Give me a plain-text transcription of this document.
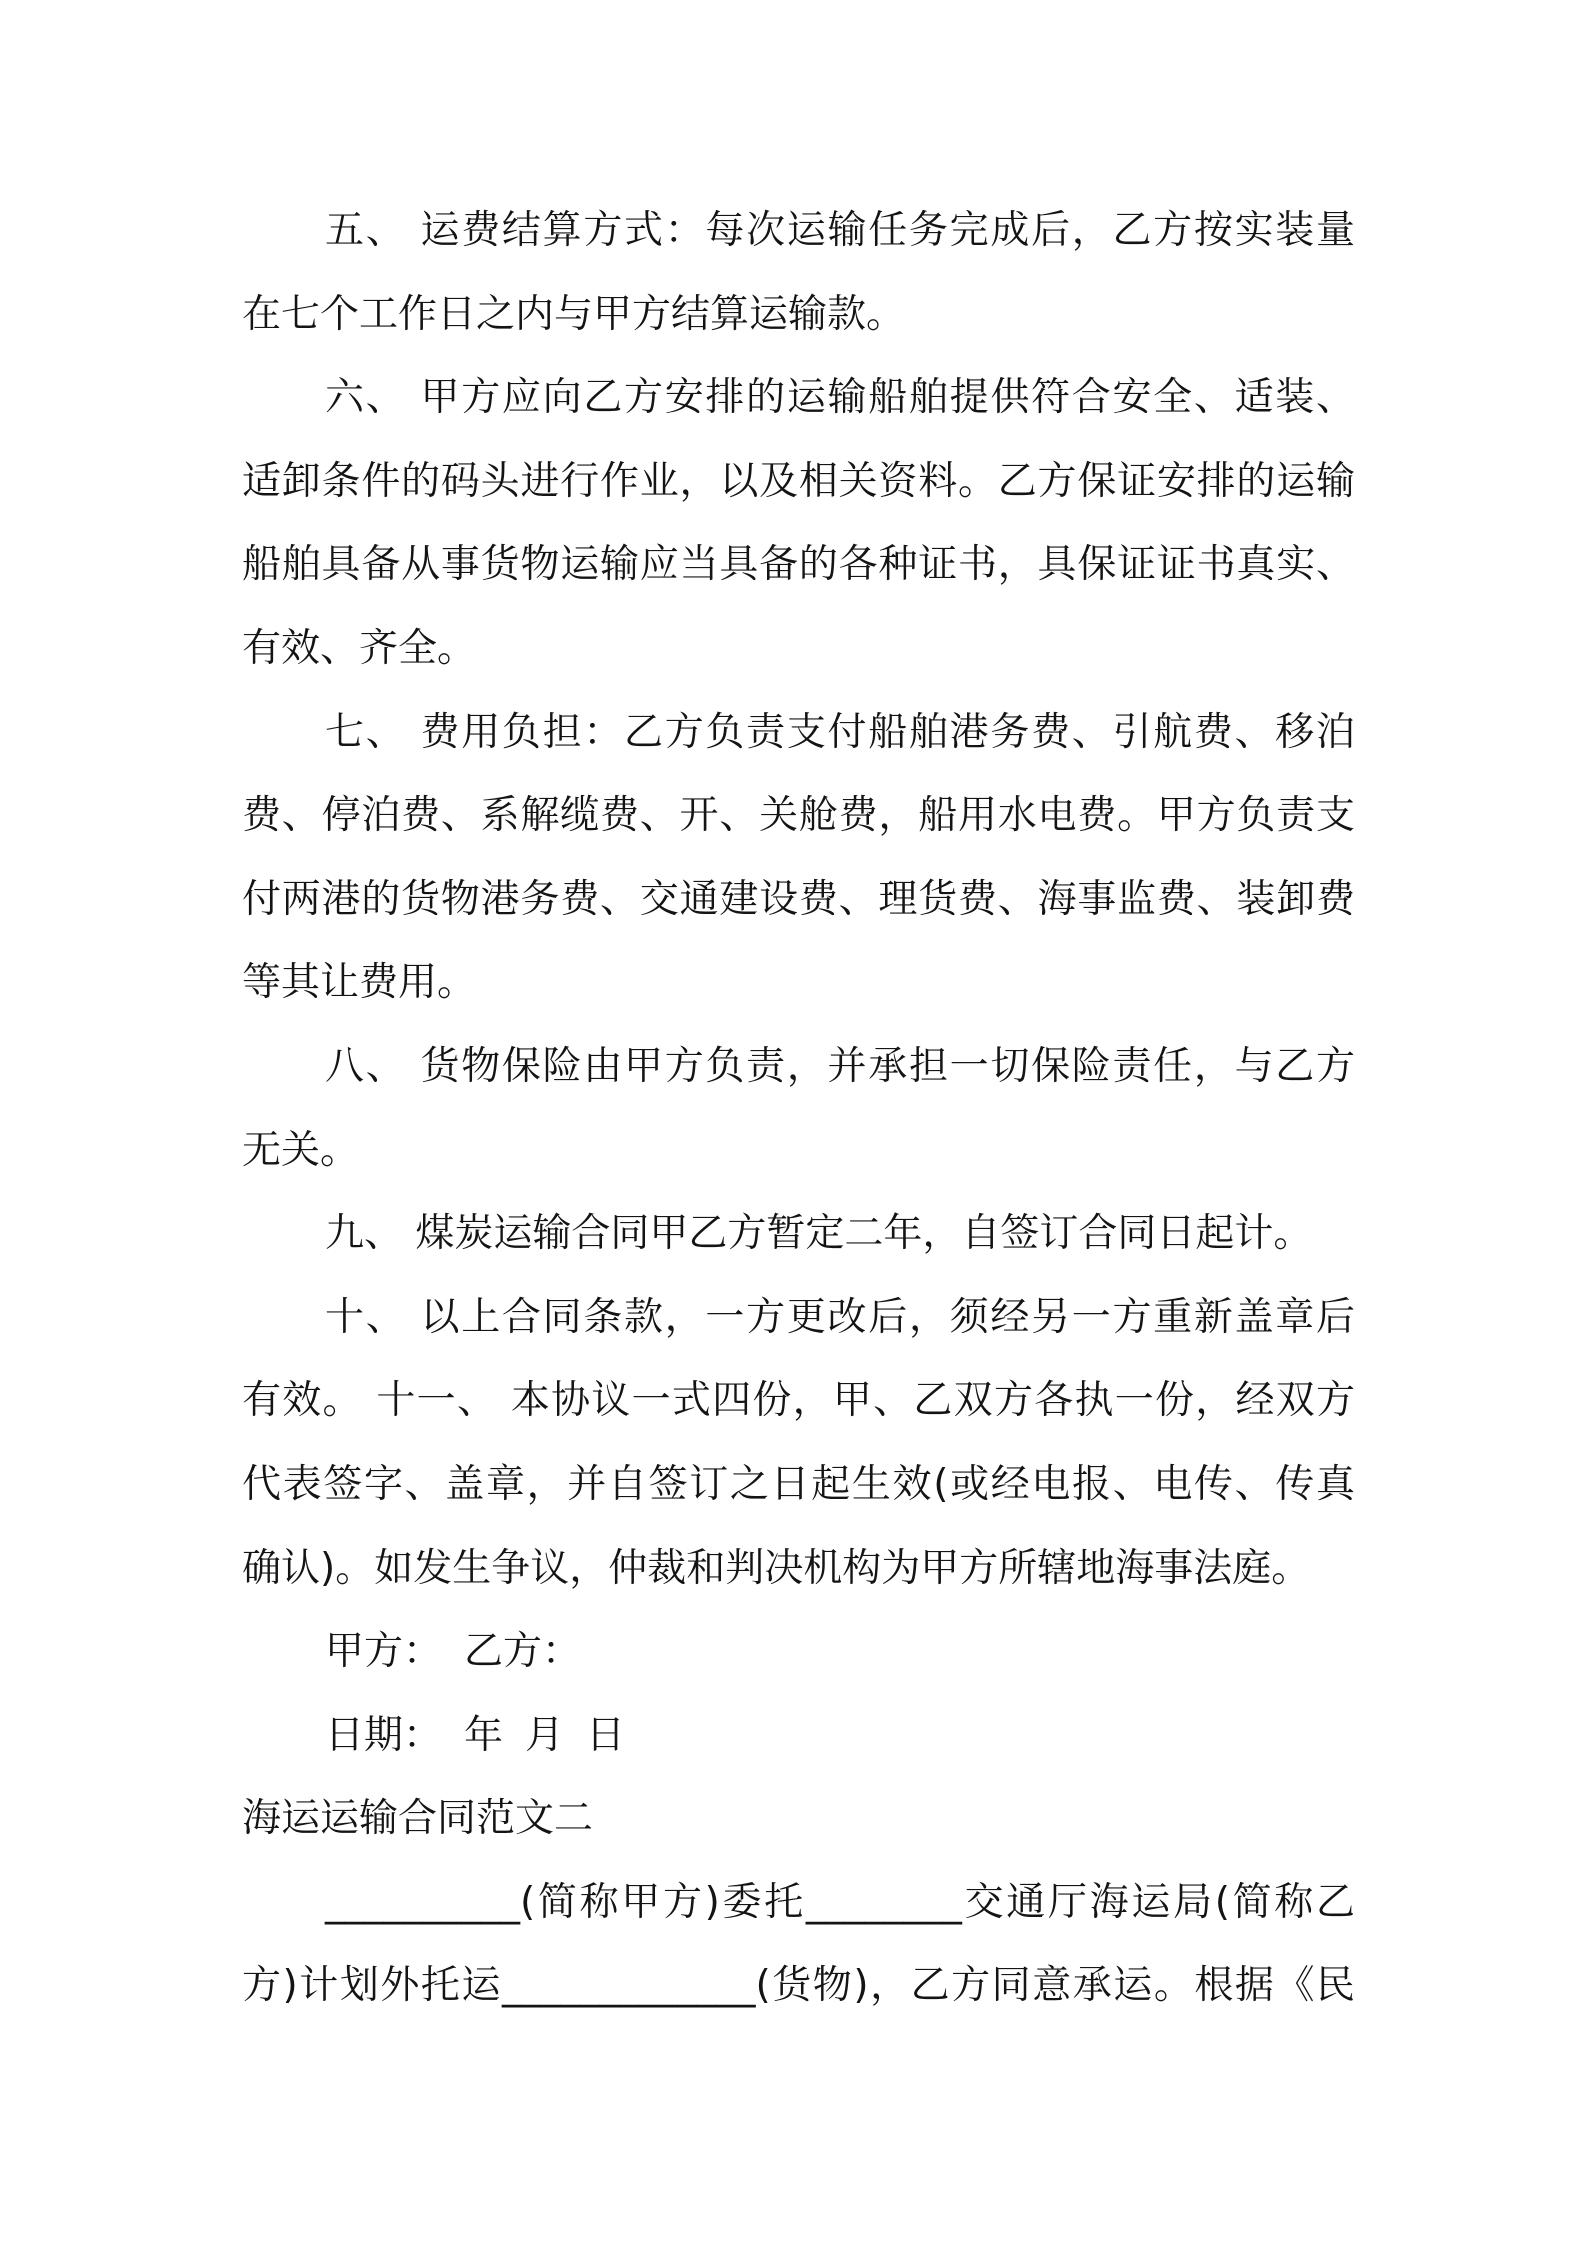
五、 运费结算方式：每次运输任务完成后，乙方按实装量
在七个工作日之内与甲方结算运输款。
六、 甲方应向乙方安排的运输船舶提供符合安全、适装、
适卸条件的码头进行作业，以及相关资料。乙方保证安排的运输
船舶具备从事货物运输应当具备的各种证书，具保证证书真实、
有效、齐全。
七、 费用负担：乙方负责支付船舶港务费、引航费、移泊
费、停泊费、系解缆费、开、关舱费，船用水电费。甲方负责支
付两港的货物港务费、交通建设费、理货费、海事监费、装卸费
等其让费用。
八、 货物保险由甲方负责，并承担一切保险责任，与乙方
无关。
九、 煤炭运输合同甲乙方暂定二年，自签订合同日起计。
十、 以上合同条款，一方更改后，须经另一方重新盖章后
有效。 十一、 本协议一式四份，甲、乙双方各执一份，经双方
代表签字、盖章，并自签订之日起生效(或经电报、电传、传真
确认)。如发生争议，仲裁和判决机构为甲方所辖地海事法庭。
甲方： 乙方：
日期： 年 月 日
海运运输合同范文二
__________(简称甲方)委托________交通厅海运局(简称乙
方)计划外托运_____________(货物)，乙方同意承运。根据《民
